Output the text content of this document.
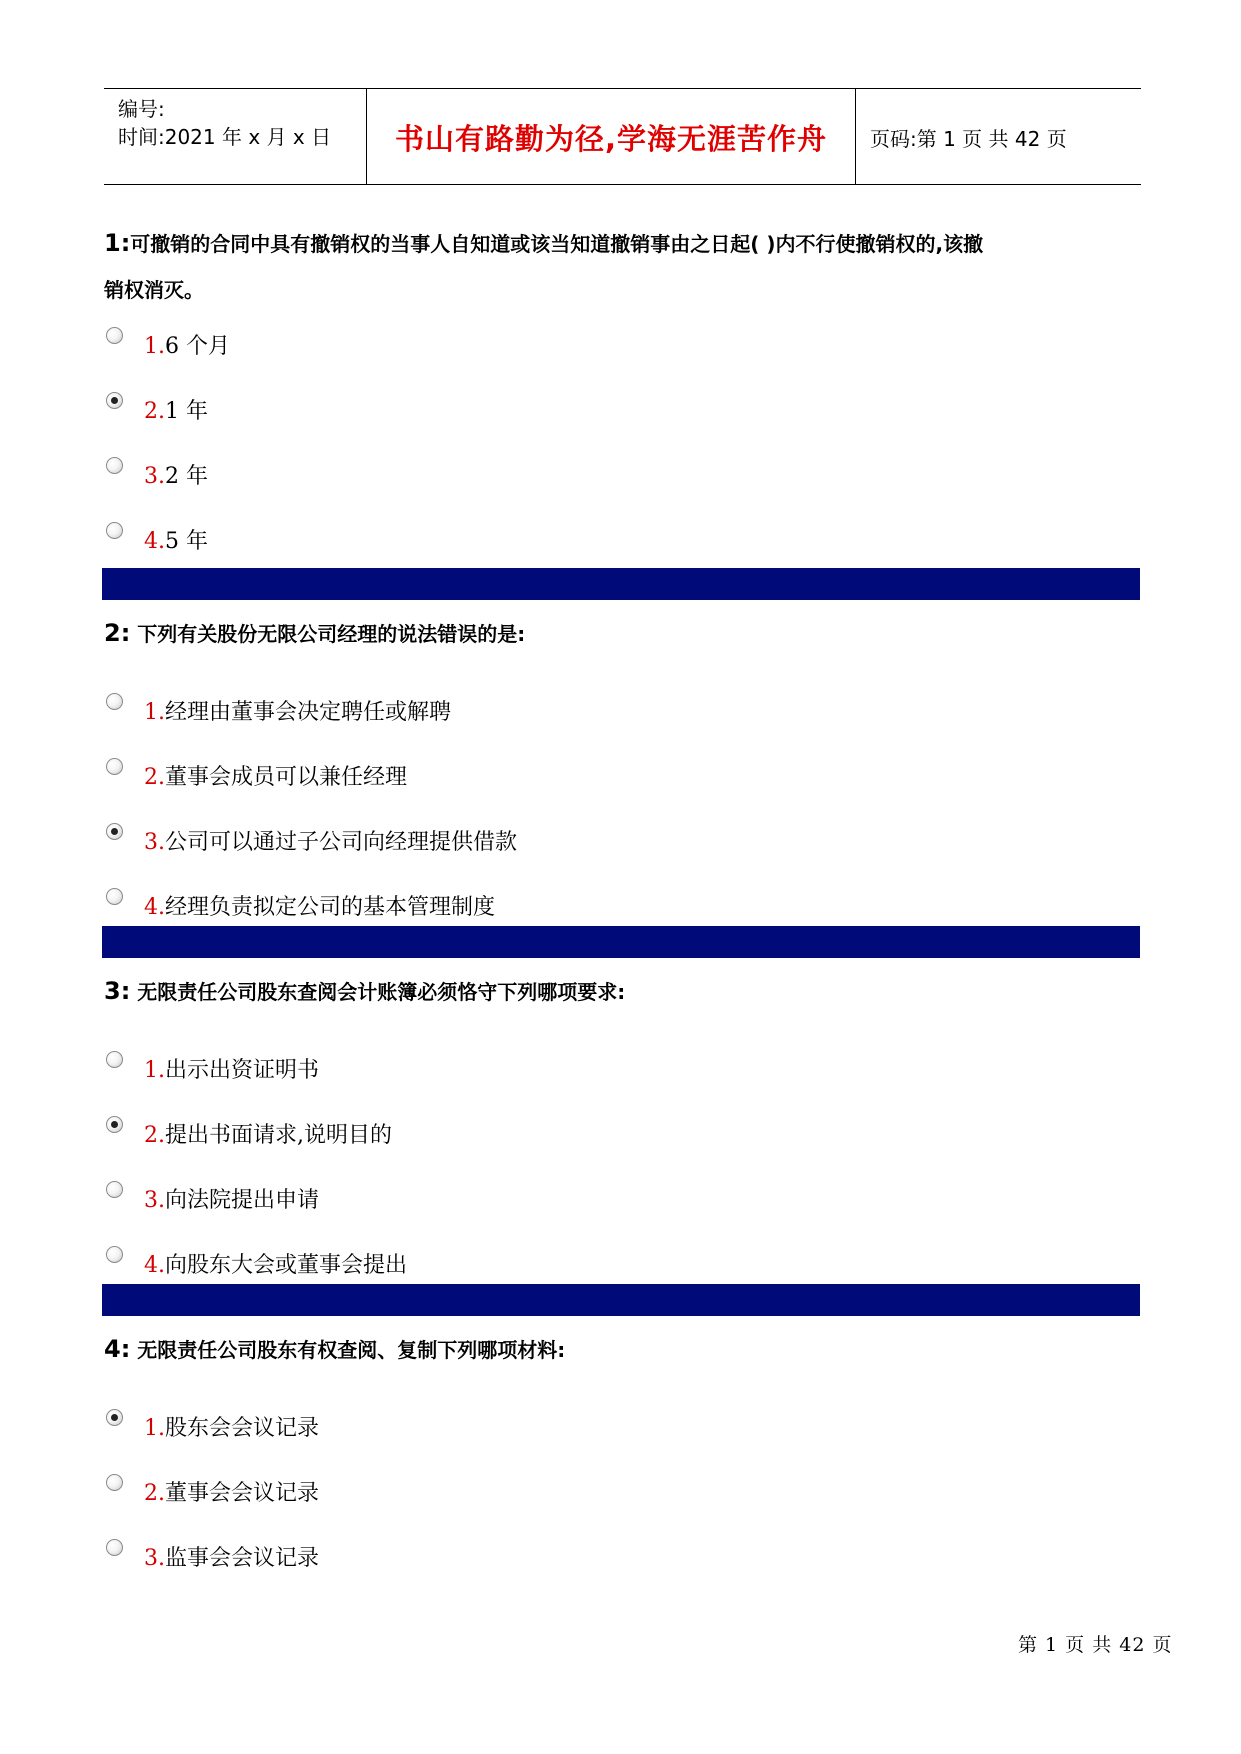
编号:
时间:2021 年 x 月 x 日	书山有路勤为径,学海无涯苦作舟	页码:第 1 页 共 42 页

1:可撤销的合同中具有撤销权的当事人自知道或该当知道撤销事由之日起( )内不行使撤销权的,该撤
销权消灭。

1.6 个月
2.1 年
3.2 年
4.5 年

2: 下列有关股份无限公司经理的说法错误的是:

1.经理由董事会决定聘任或解聘
2.董事会成员可以兼任经理
3.公司可以通过子公司向经理提供借款
4.经理负责拟定公司的基本管理制度

3: 无限责任公司股东查阅会计账簿必须恪守下列哪项要求:

1.出示出资证明书
2.提出书面请求,说明目的
3.向法院提出申请
4.向股东大会或董事会提出

4: 无限责任公司股东有权查阅、复制下列哪项材料:

1.股东会会议记录
2.董事会会议记录
3.监事会会议记录
第 1 页 共 42 页
